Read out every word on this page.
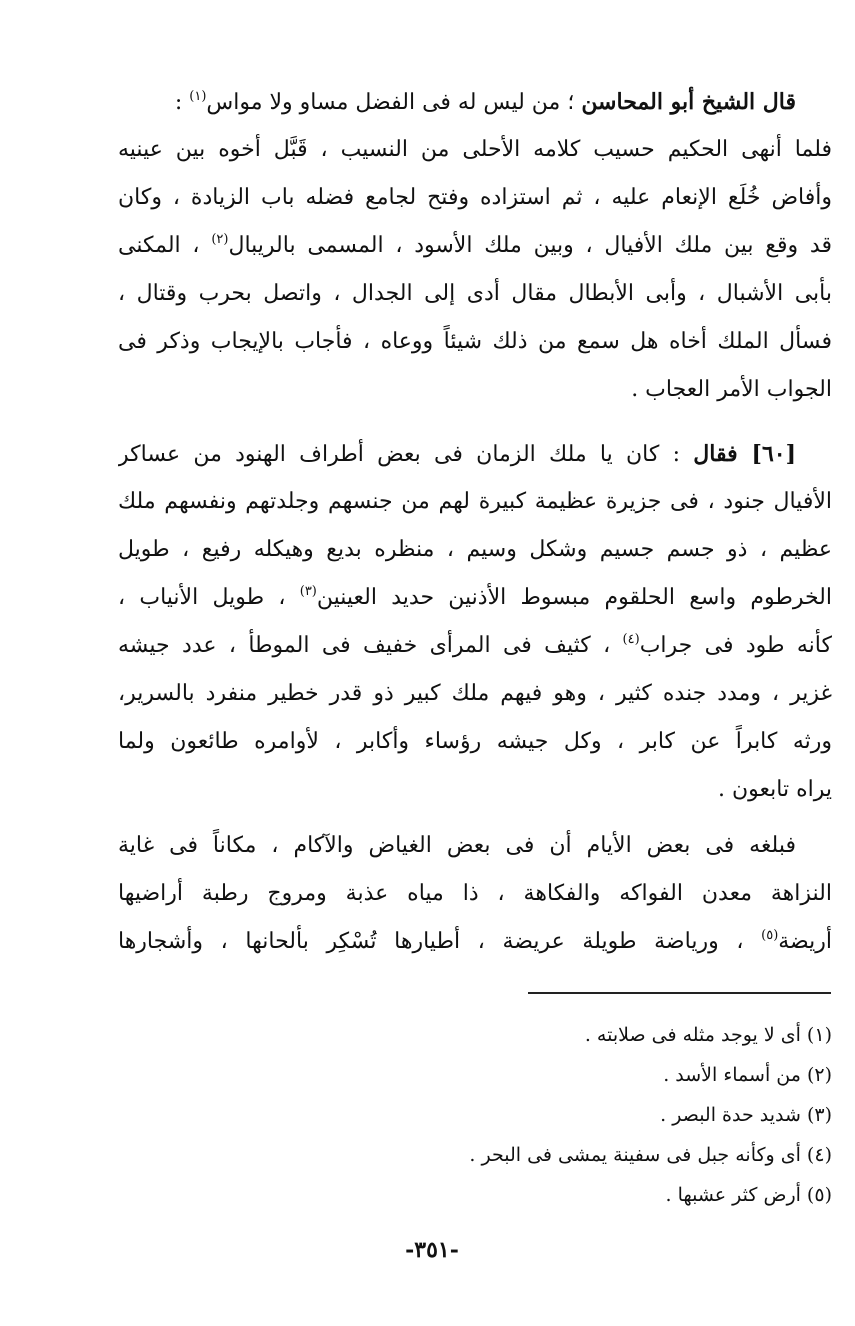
قال الشيخ أبو المحاسن ؛ من ليس له فى الفضل مساو ولا مواس$^{(١)}$ :
فلما أنهى الحكيم حسيب كلامه الأحلى من النسيب ، قَبَّل أخوه بين عينيه
وأفاض خُلَع الإنعام عليه ، ثم استزاده وفتح لجامع فضله باب الزيادة ، وكان
قد وقع بين ملك الأفيال ، وبين ملك الأسود ، المسمى بالريبال$^{(٢)}$ ، المكنى
بأبى الأشبال ، وأبى الأبطال مقال أدى إلى الجدال ، واتصل بحرب وقتال ،
فسأل الملك أخاه هل سمع من ذلك شيئاً ووعاه ، فأجاب بالإيجاب وذكر فى
الجواب الأمر العجاب .
[٦٠] فقال : كان يا ملك الزمان فى بعض أطراف الهنود من عساكر
الأفيال جنود ، فى جزيرة عظيمة كبيرة لهم من جنسهم وجلدتهم ونفسهم ملك
عظيم ، ذو جسم جسيم وشكل وسيم ، منظره بديع وهيكله رفيع ، طويل
الخرطوم واسع الحلقوم مبسوط الأذنين حديد العينين$^{(٣)}$ ، طويل الأنياب ،
كأنه طود فى جراب$^{(٤)}$ ، كثيف فى المرأى خفيف فى الموطأ ، عدد جيشه
غزير ، ومدد جنده كثير ، وهو فيهم ملك كبير ذو قدر خطير منفرد بالسرير،
ورثه كابراً عن كابر ، وكل جيشه رؤساء وأكابر ، لأوامره طائعون ولما
يراه تابعون .
فبلغه فى بعض الأيام أن فى بعض الغياض والآكام ، مكاناً فى غاية
النزاهة معدن الفواكه والفكاهة ، ذا مياه عذبة ومروج رطبة أراضيها
أريضة$^{(٥)}$ ، ورياضة طويلة عريضة ، أطيارها تُسْكِر بألحانها ، وأشجارها
(١) أى لا يوجد مثله فى صلابته .
(٢) من أسماء الأسد .
(٣) شديد حدة البصر .
(٤) أى وكأنه جبل فى سفينة يمشى فى البحر .
(٥) أرض كثر عشبها .
-٣٥١-
